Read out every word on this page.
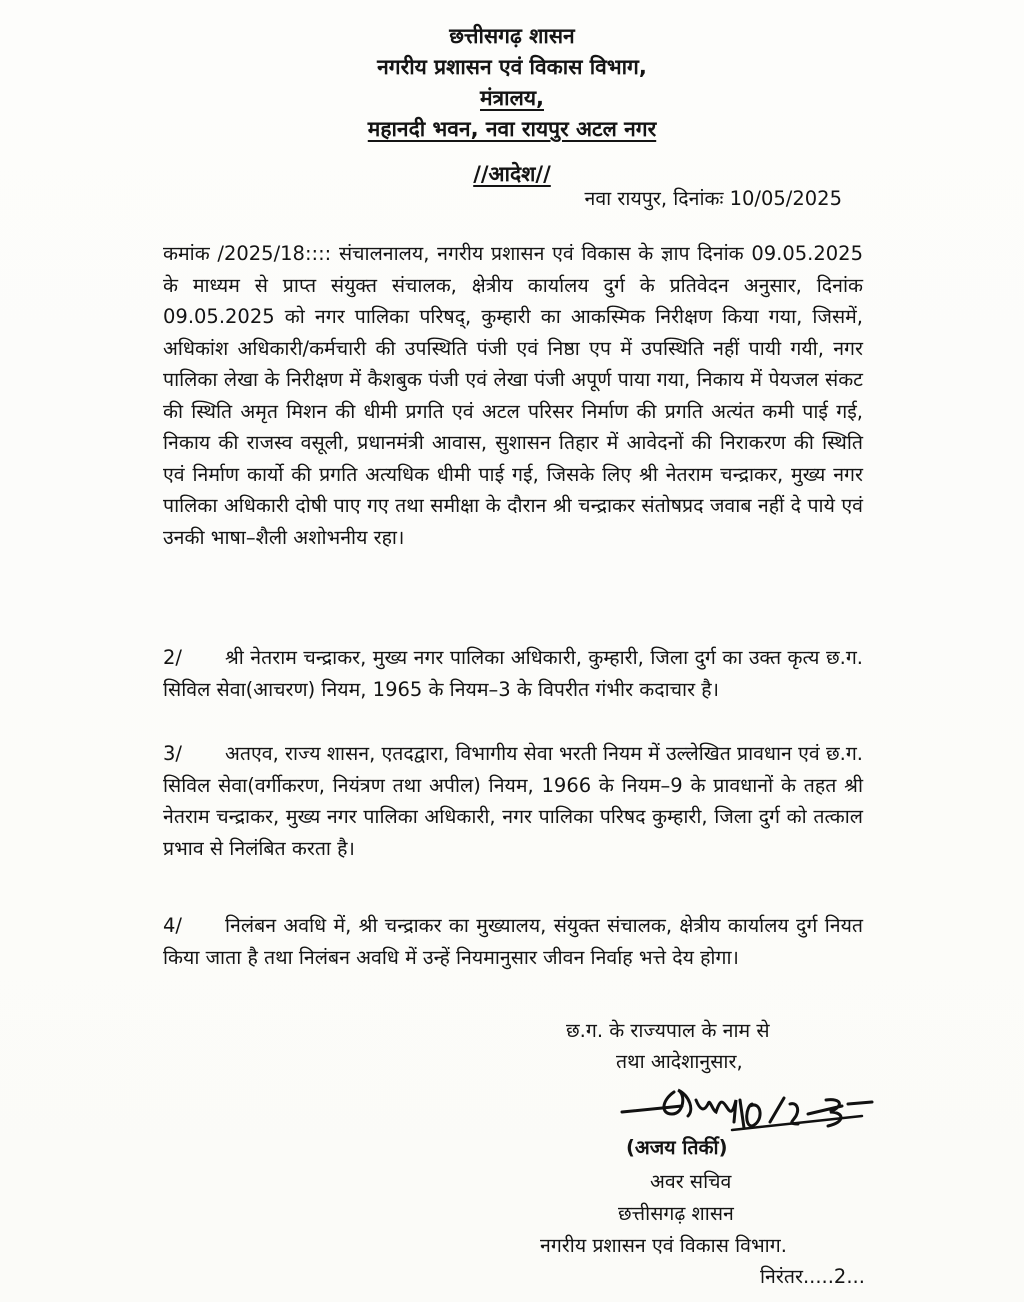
छत्तीसगढ़ शासन
नगरीय प्रशासन एवं विकास विभाग,
मंत्रालय,
महानदी भवन, नवा रायपुर अटल नगर
//आदेश//
नवा रायपुर, दिनांकः 10/05/2025
कमांक /2025/18:::: संचालनालय, नगरीय प्रशासन एवं विकास के ज्ञाप दिनांक 09.05.2025 के माध्यम से प्राप्त संयुक्त संचालक, क्षेत्रीय कार्यालय दुर्ग के प्रतिवेदन अनुसार, दिनांक 09.05.2025 को नगर पालिका परिषद्, कुम्हारी का आकस्मिक निरीक्षण किया गया, जिसमें, अधिकांश अधिकारी/कर्मचारी की उपस्थिति पंजी एवं निष्ठा एप में उपस्थिति नहीं पायी गयी, नगर पालिका लेखा के निरीक्षण में कैशबुक पंजी एवं लेखा पंजी अपूर्ण पाया गया, निकाय में पेयजल संकट की स्थिति अमृत मिशन की धीमी प्रगति एवं अटल परिसर निर्माण की प्रगति अत्यंत कमी पाई गई, निकाय की राजस्व वसूली, प्रधानमंत्री आवास, सुशासन तिहार में आवेदनों की निराकरण की स्थिति एवं निर्माण कार्यो की प्रगति अत्यधिक धीमी पाई गई, जिसके लिए श्री नेतराम चन्द्राकर, मुख्य नगर पालिका अधिकारी दोषी पाए गए तथा समीक्षा के दौरान श्री चन्द्राकर संतोषप्रद जवाब नहीं दे पाये एवं उनकी भाषा–शैली अशोभनीय रहा।
2/ श्री नेतराम चन्द्राकर, मुख्य नगर पालिका अधिकारी, कुम्हारी, जिला दुर्ग का उक्त कृत्य छ.ग. सिविल सेवा(आचरण) नियम, 1965 के नियम–3 के विपरीत गंभीर कदाचार है।
3/ अतएव, राज्य शासन, एतदद्वारा, विभागीय सेवा भरती नियम में उल्लेखित प्रावधान एवं छ.ग. सिविल सेवा(वर्गीकरण, नियंत्रण तथा अपील) नियम, 1966 के नियम–9 के प्रावधानों के तहत श्री नेतराम चन्द्राकर, मुख्य नगर पालिका अधिकारी, नगर पालिका परिषद कुम्हारी, जिला दुर्ग को तत्काल प्रभाव से निलंबित करता है।
4/ निलंबन अवधि में, श्री चन्द्राकर का मुख्यालय, संयुक्त संचालक, क्षेत्रीय कार्यालय दुर्ग नियत किया जाता है तथा निलंबन अवधि में उन्हें नियमानुसार जीवन निर्वाह भत्ते देय होगा।
छ.ग. के राज्यपाल के नाम से
तथा आदेशानुसार,
(अजय तिर्की)
अवर सचिव
छत्तीसगढ़ शासन
नगरीय प्रशासन एवं विकास विभाग.
निरंतर.....2...
